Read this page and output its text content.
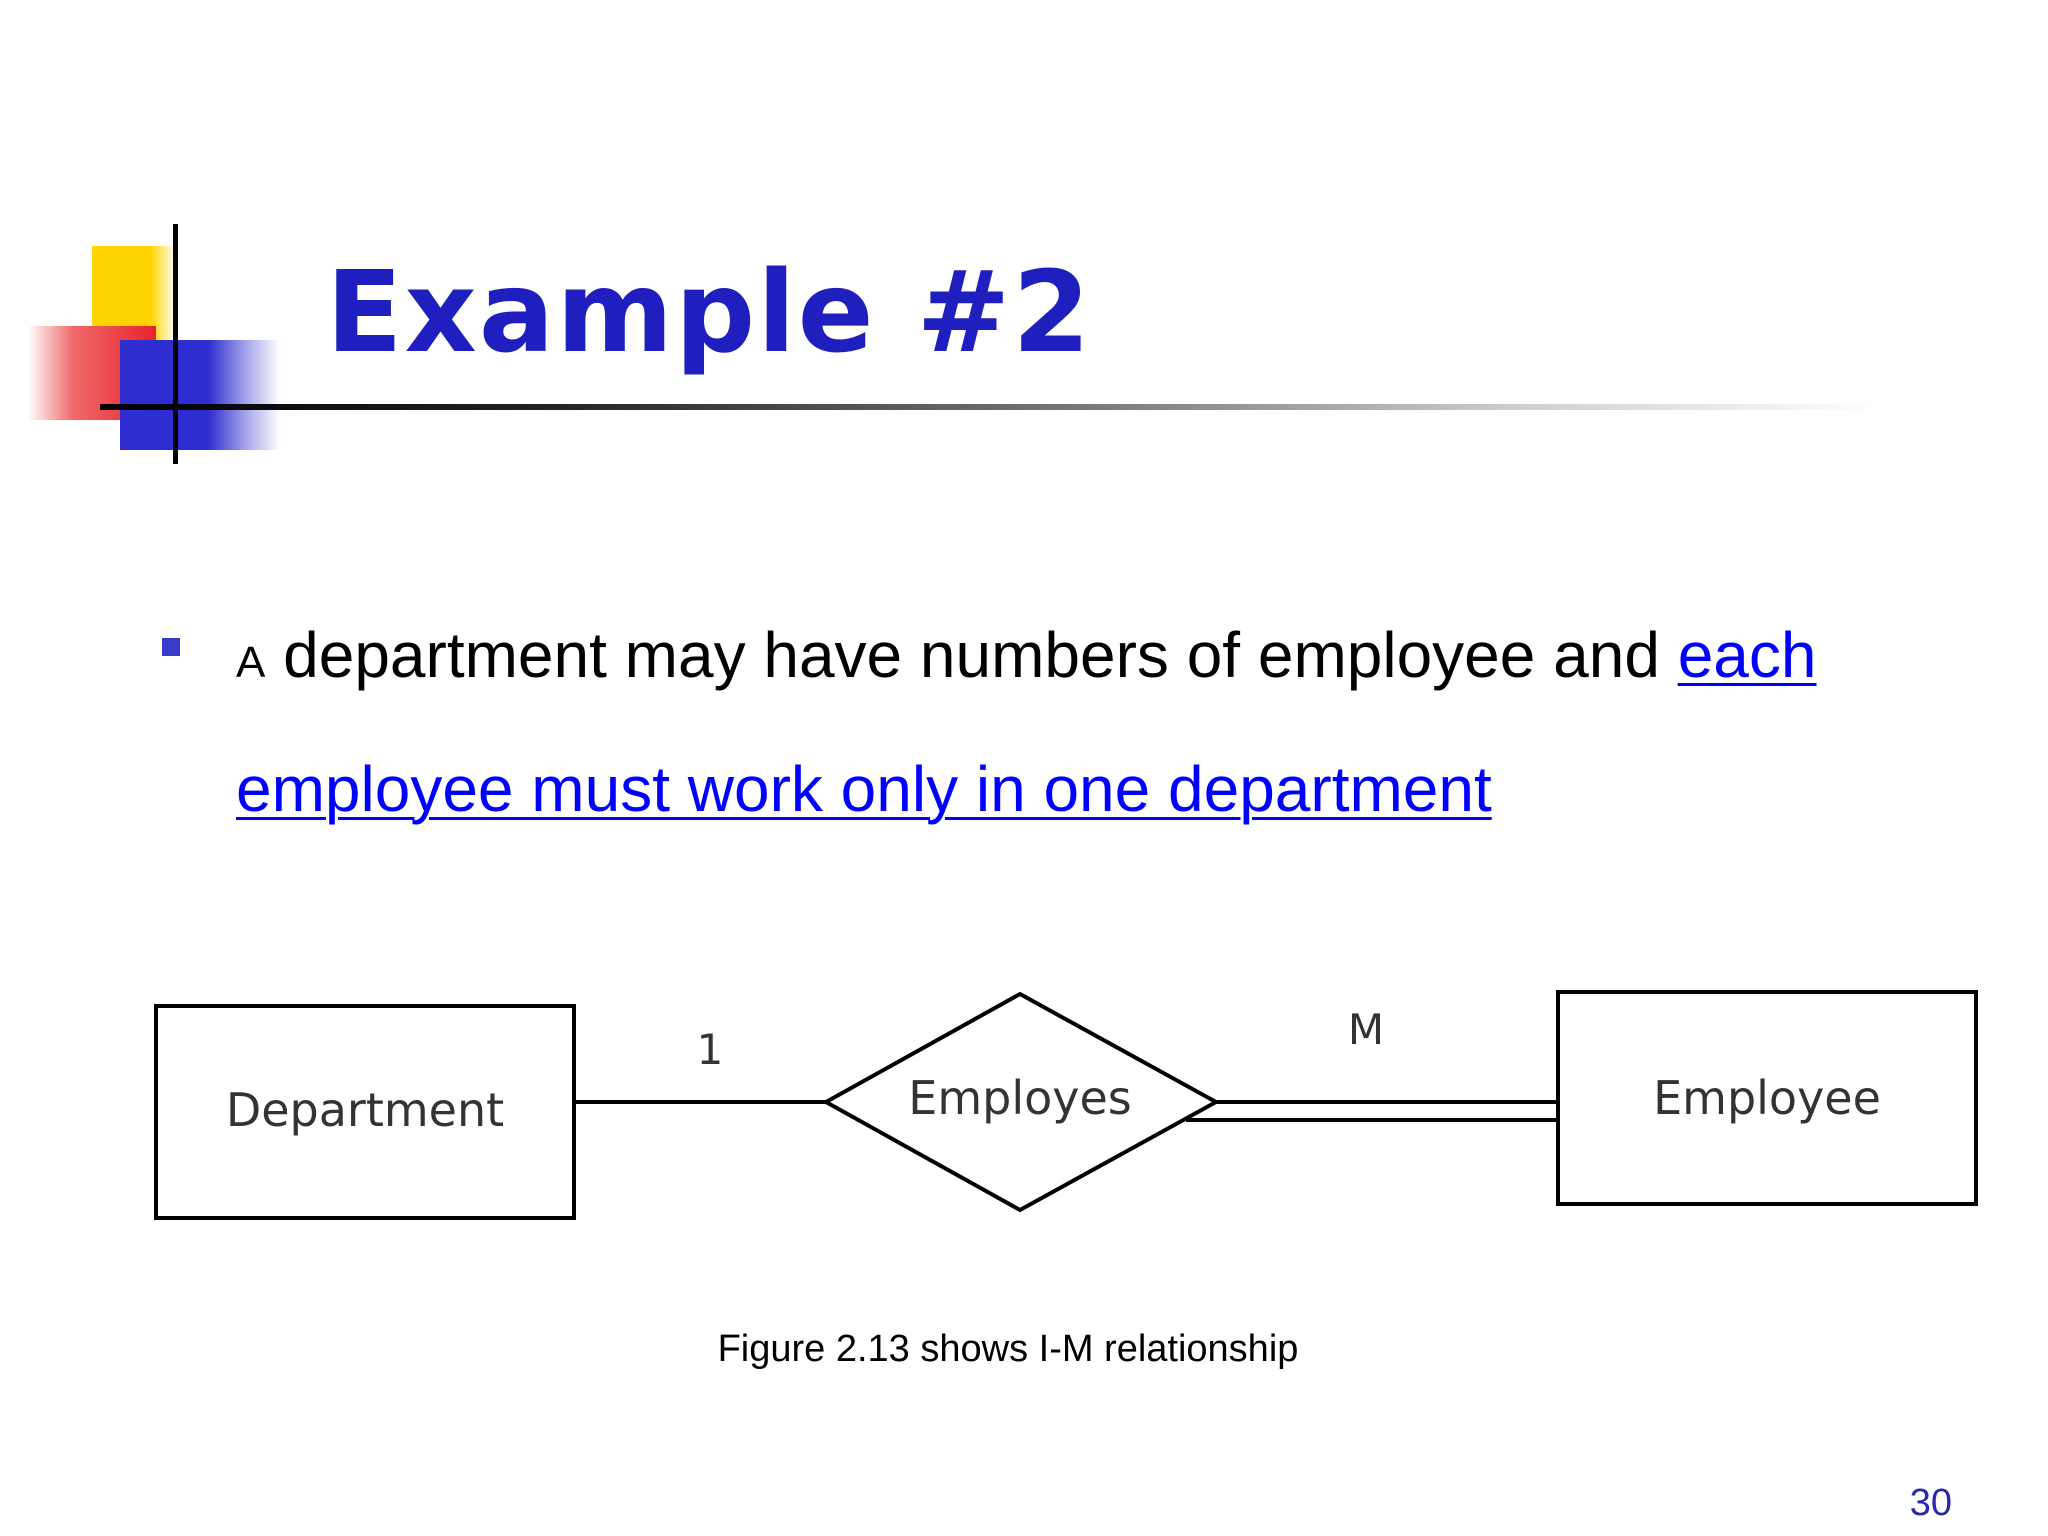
Example #2

A department may have numbers of employee and each employee must work only in one department

Department
1
Employes
M
Employee
Figure 2.13 shows I-M relationship
30
